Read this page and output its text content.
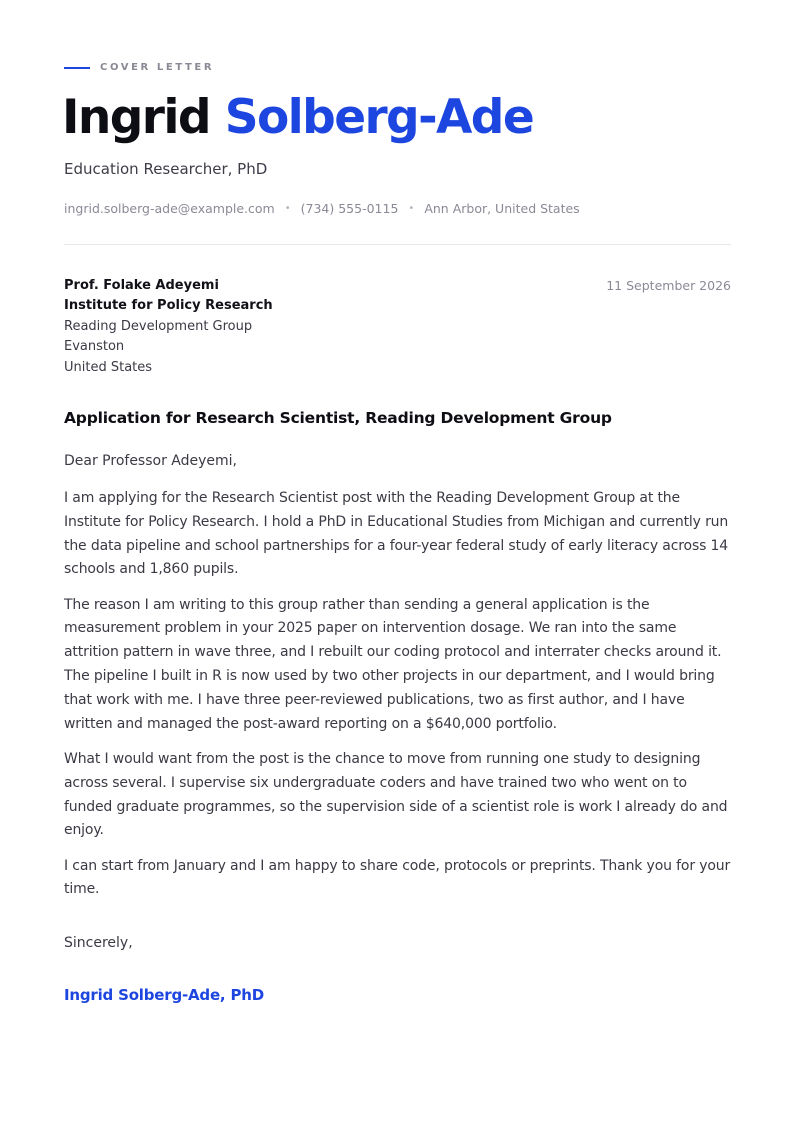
COVER LETTER
Ingrid Solberg-Ade
Education Researcher, PhD
ingrid.solberg-ade@example.com • (734) 555-0115 • Ann Arbor, United States
Prof. Folake Adeyemi
Institute for Policy Research
Reading Development Group
Evanston
United States
11 September 2026
Application for Research Scientist, Reading Development Group
Dear Professor Adeyemi,

I am applying for the Research Scientist post with the Reading Development Group at the Institute for Policy Research. I hold a PhD in Educational Studies from Michigan and currently run the data pipeline and school partnerships for a four-year federal study of early literacy across 14 schools and 1,860 pupils.

The reason I am writing to this group rather than sending a general application is the measurement problem in your 2025 paper on intervention dosage. We ran into the same attrition pattern in wave three, and I rebuilt our coding protocol and interrater checks around it. The pipeline I built in R is now used by two other projects in our department, and I would bring that work with me. I have three peer-reviewed publications, two as first author, and I have written and managed the post-award reporting on a $640,000 portfolio.

What I would want from the post is the chance to move from running one study to designing across several. I supervise six undergraduate coders and have trained two who went on to funded graduate programmes, so the supervision side of a scientist role is work I already do and enjoy.

I can start from January and I am happy to share code, protocols or preprints. Thank you for your time.

Sincerely,
Ingrid Solberg-Ade, PhD
